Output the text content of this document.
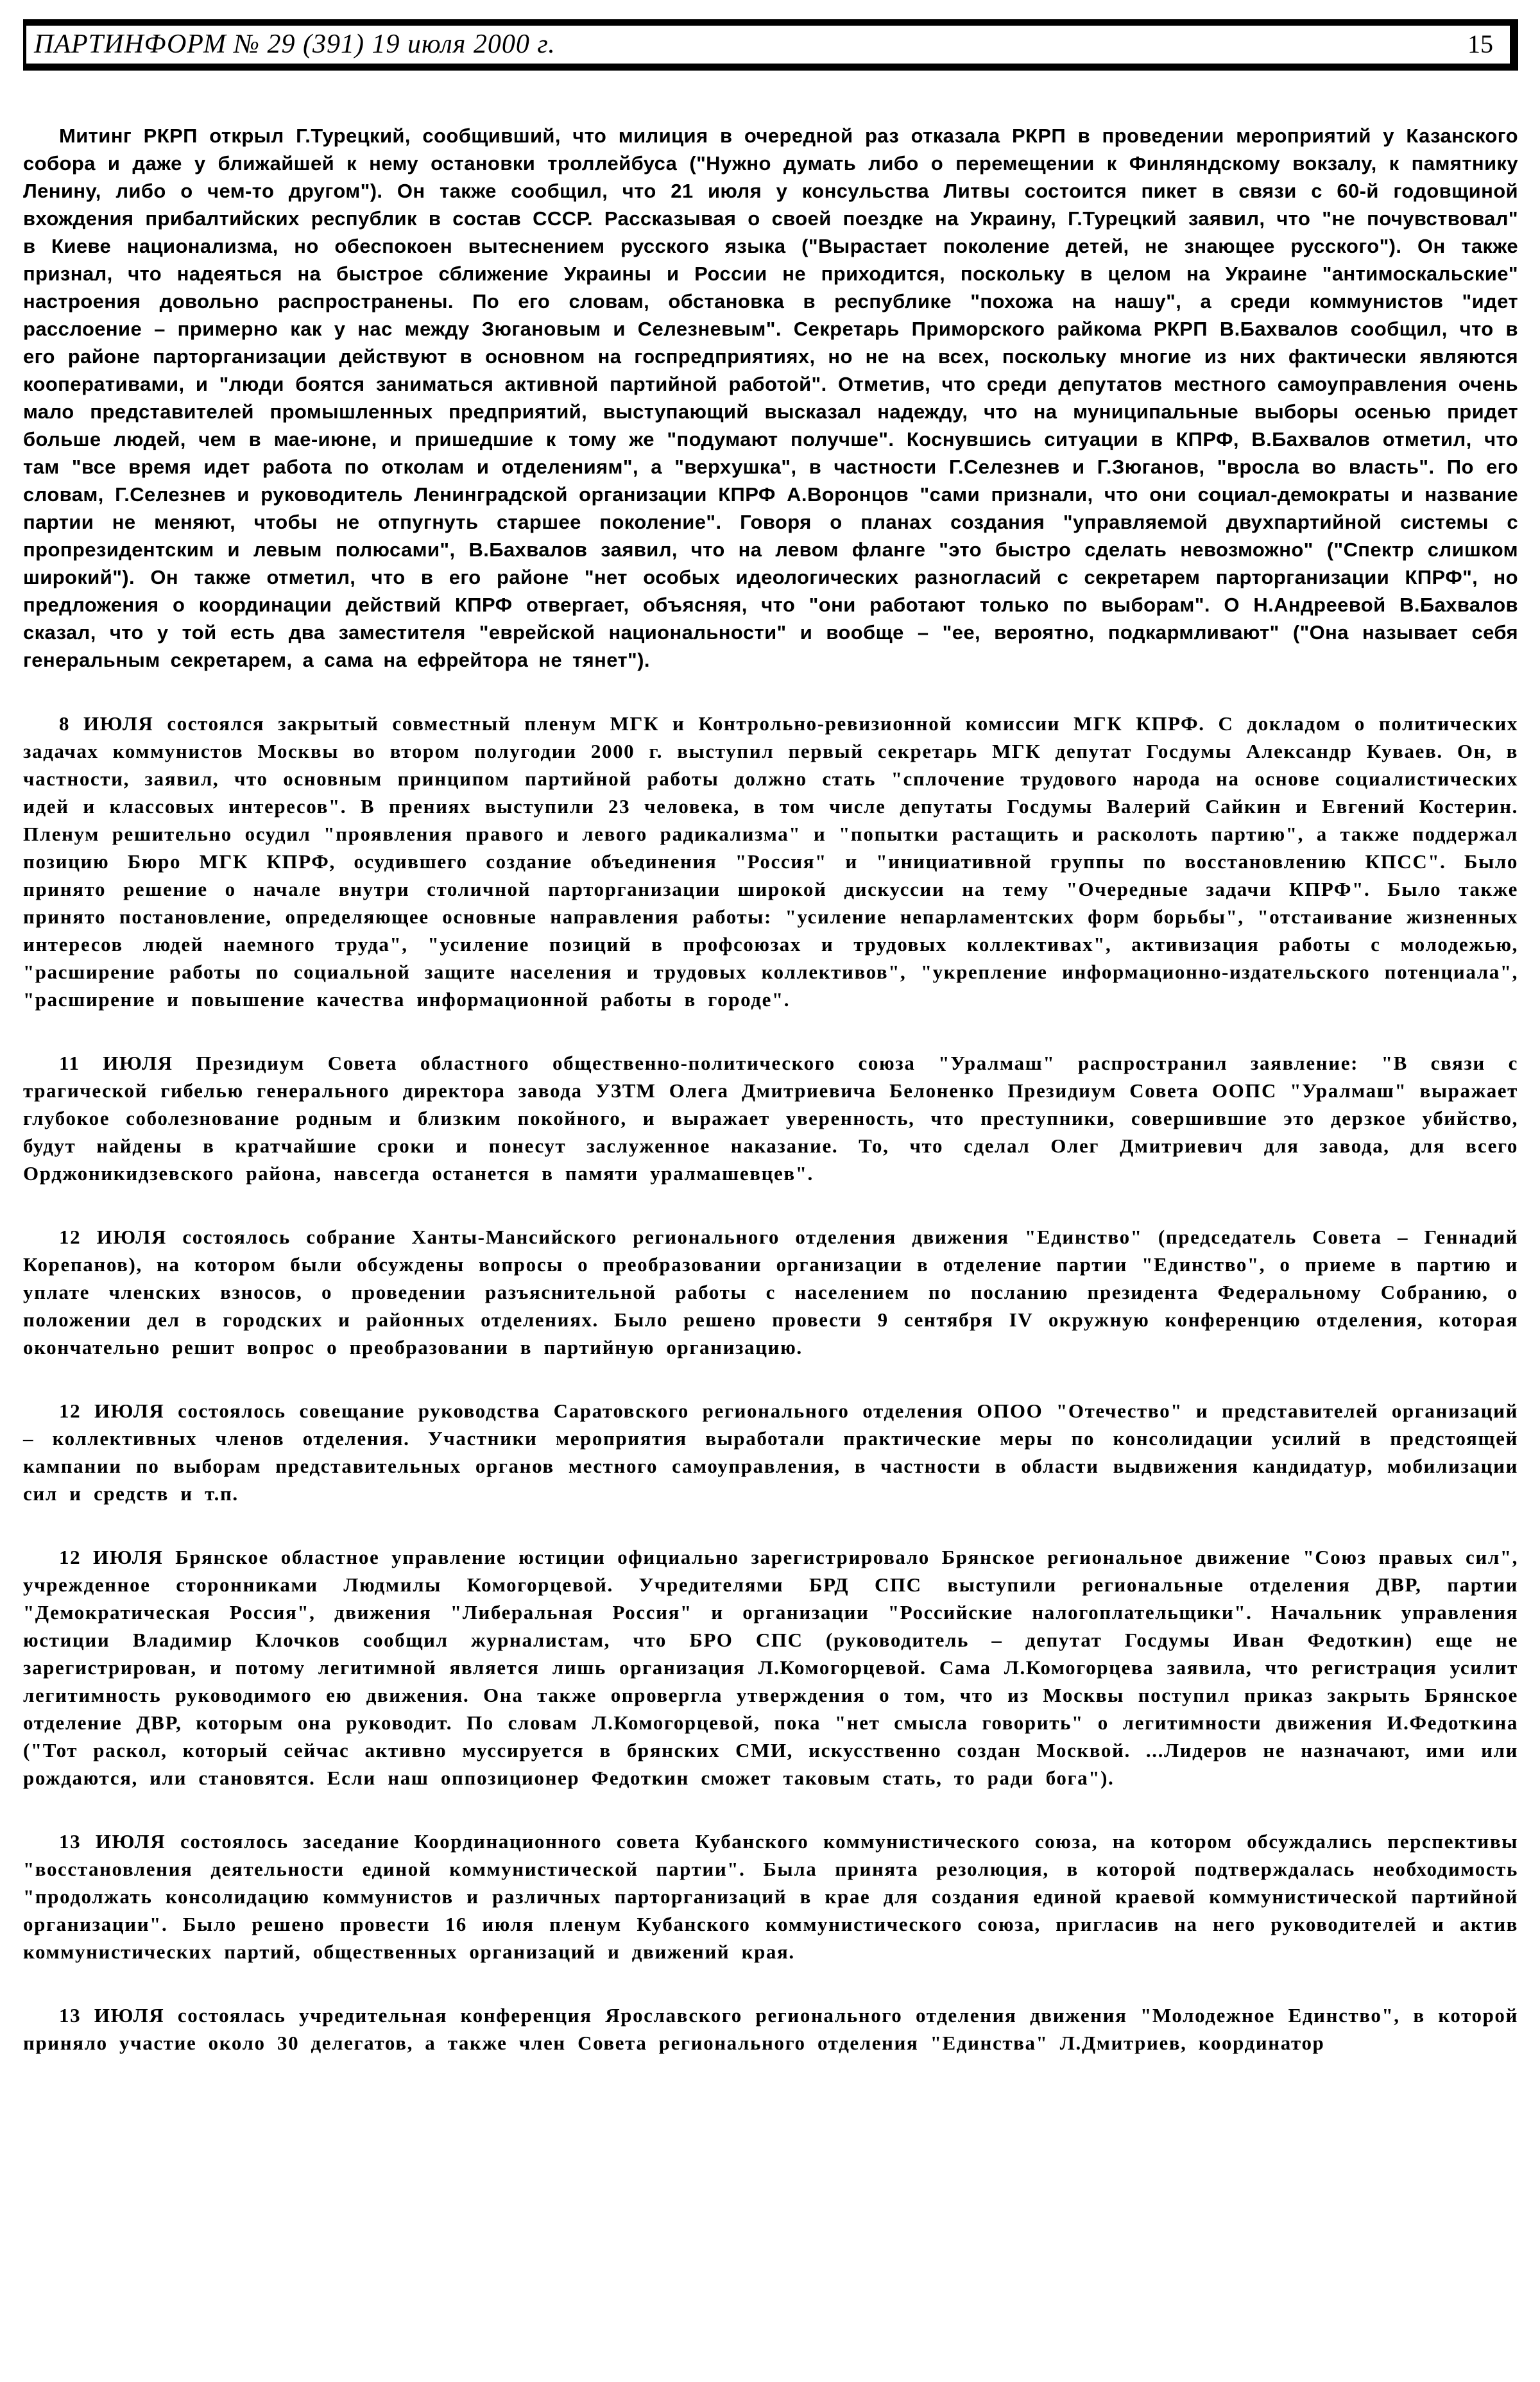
ПАРТИНФОРМ № 29 (391) 19 июля 2000 г.	15

Митинг РКРП открыл Г.Турецкий, сообщивший, что милиция в очередной раз отказала РКРП в проведении мероприятий у Казанского собора и даже у ближайшей к нему остановки троллейбуса ("Нужно думать либо о перемещении к Финляндскому вокзалу, к памятнику Ленину, либо о чем-то другом"). Он также сообщил, что 21 июля у консульства Литвы состоится пикет в связи с 60-й годовщиной вхождения прибалтийских республик в состав СССР. Рассказывая о своей поездке на Украину, Г.Турецкий заявил, что "не почувствовал" в Киеве национализма, но обеспокоен вытеснением русского языка ("Вырастает поколение детей, не знающее русского"). Он также признал, что надеяться на быстрое сближение Украины и России не приходится, поскольку в целом на Украине "антимоскальские" настроения довольно распространены. По его словам, обстановка в республике "похожа на нашу", а среди коммунистов "идет расслоение – примерно как у нас между Зюгановым и Селезневым". Секретарь Приморского райкома РКРП В.Бахвалов сообщил, что в его районе парторганизации действуют в основном на госпредприятиях, но не на всех, поскольку многие из них фактически являются кооперативами, и "люди боятся заниматься активной партийной работой". Отметив, что среди депутатов местного самоуправления очень мало представителей промышленных предприятий, выступающий высказал надежду, что на муниципальные выборы осенью придет больше людей, чем в мае-июне, и пришедшие к тому же "подумают получше". Коснувшись ситуации в КПРФ, В.Бахвалов отметил, что там "все время идет работа по отколам и отделениям", а "верхушка", в частности Г.Селезнев и Г.Зюганов, "вросла во власть". По его словам, Г.Селезнев и руководитель Ленинградской организации КПРФ А.Воронцов "сами признали, что они социал-демократы и название партии не меняют, чтобы не отпугнуть старшее поколение". Говоря о планах создания "управляемой двухпартийной системы с пропрезидентским и левым полюсами", В.Бахвалов заявил, что на левом фланге "это быстро сделать невозможно" ("Спектр слишком широкий"). Он также отметил, что в его районе "нет особых идеологических разногласий с секретарем парторганизации КПРФ", но предложения о координации действий КПРФ отвергает, объясняя, что "они работают только по выборам". О Н.Андреевой В.Бахвалов сказал, что у той есть два заместителя "еврейской национальности" и вообще – "ее, вероятно, подкармливают" ("Она называет себя генеральным секретарем, а сама на ефрейтора не тянет").

8 ИЮЛЯ состоялся закрытый совместный пленум МГК и Контрольно-ревизионной комиссии МГК КПРФ. С докладом о политических задачах коммунистов Москвы во втором полугодии 2000 г. выступил первый секретарь МГК депутат Госдумы Александр Куваев. Он, в частности, заявил, что основным принципом партийной работы должно стать "сплочение трудового народа на основе социалистических идей и классовых интересов". В прениях выступили 23 человека, в том числе депутаты Госдумы Валерий Сайкин и Евгений Костерин. Пленум решительно осудил "проявления правого и левого радикализма" и "попытки растащить и расколоть партию", а также поддержал позицию Бюро МГК КПРФ, осудившего создание объединения "Россия" и "инициативной группы по восстановлению КПСС". Было принято решение о начале внутри столичной парторганизации широкой дискуссии на тему "Очередные задачи КПРФ". Было также принято постановление, определяющее основные направления работы: "усиление непарламентских форм борьбы", "отстаивание жизненных интересов людей наемного труда", "усиление позиций в профсоюзах и трудовых коллективах", активизация работы с молодежью, "расширение работы по социальной защите населения и трудовых коллективов", "укрепление информационно-издательского потенциала", "расширение и повышение качества информационной работы в городе".

11 ИЮЛЯ Президиум Совета областного общественно-политического союза "Уралмаш" распространил заявление: "В связи с трагической гибелью генерального директора завода УЗТМ Олега Дмитриевича Белоненко Президиум Совета ООПС "Уралмаш" выражает глубокое соболезнование родным и близким покойного, и выражает уверенность, что преступники, совершившие это дерзкое убийство, будут найдены в кратчайшие сроки и понесут заслуженное наказание. То, что сделал Олег Дмитриевич для завода, для всего Орджоникидзевского района, навсегда останется в памяти уралмашевцев".

12 ИЮЛЯ состоялось собрание Ханты-Мансийского регионального отделения движения "Единство" (председатель Совета – Геннадий Корепанов), на котором были обсуждены вопросы о преобразовании организации в отделение партии "Единство", о приеме в партию и уплате членских взносов, о проведении разъяснительной работы с населением по посланию президента Федеральному Собранию, о положении дел в городских и районных отделениях. Было решено провести 9 сентября IV окружную конференцию отделения, которая окончательно решит вопрос о преобразовании в партийную организацию.

12 ИЮЛЯ состоялось совещание руководства Саратовского регионального отделения ОПОО "Отечество" и представителей организаций – коллективных членов отделения. Участники мероприятия выработали практические меры по консолидации усилий в предстоящей кампании по выборам представительных органов местного самоуправления, в частности в области выдвижения кандидатур, мобилизации сил и средств и т.п.

12 ИЮЛЯ Брянское областное управление юстиции официально зарегистрировало Брянское региональное движение "Союз правых сил", учрежденное сторонниками Людмилы Комогорцевой. Учредителями БРД СПС выступили региональные отделения ДВР, партии "Демократическая Россия", движения "Либеральная Россия" и организации "Российские налогоплательщики". Начальник управления юстиции Владимир Клочков сообщил журналистам, что БРО СПС (руководитель – депутат Госдумы Иван Федоткин) еще не зарегистрирован, и потому легитимной является лишь организация Л.Комогорцевой. Сама Л.Комогорцева заявила, что регистрация усилит легитимность руководимого ею движения. Она также опровергла утверждения о том, что из Москвы поступил приказ закрыть Брянское отделение ДВР, которым она руководит. По словам Л.Комогорцевой, пока "нет смысла говорить" о легитимности движения И.Федоткина ("Тот раскол, который сейчас активно муссируется в брянских СМИ, искусственно создан Москвой. ...Лидеров не назначают, ими или рождаются, или становятся. Если наш оппозиционер Федоткин сможет таковым стать, то ради бога").

13 ИЮЛЯ состоялось заседание Координационного совета Кубанского коммунистического союза, на котором обсуждались перспективы "восстановления деятельности единой коммунистической партии". Была принята резолюция, в которой подтверждалась необходимость "продолжать консолидацию коммунистов и различных парторганизаций в крае для создания единой краевой коммунистической партийной организации". Было решено провести 16 июля пленум Кубанского коммунистического союза, пригласив на него руководителей и актив коммунистических партий, общественных организаций и движений края.

13 ИЮЛЯ состоялась учредительная конференция Ярославского регионального отделения движения "Молодежное Единство", в которой приняло участие около 30 делегатов, а также член Совета регионального отделения "Единства" Л.Дмитриев, координатор
